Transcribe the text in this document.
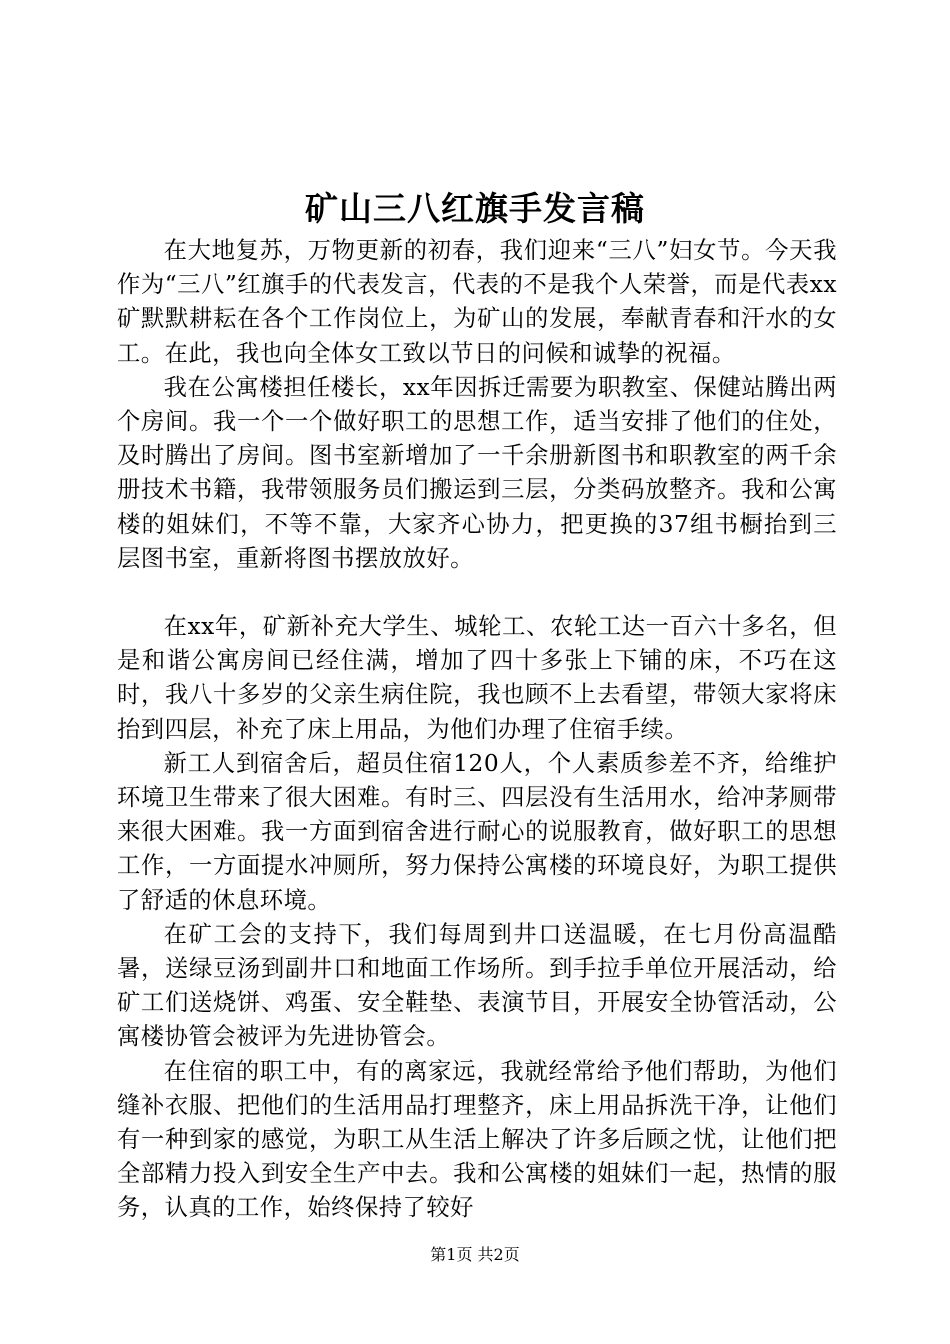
矿山三八红旗手发言稿

在大地复苏，万物更新的初春，我们迎来“三八”妇女节。今天我作为“三八”红旗手的代表发言，代表的不是我个人荣誉，而是代表xx矿默默耕耘在各个工作岗位上，为矿山的发展，奉献青春和汗水的女工。在此，我也向全体女工致以节日的问候和诚挚的祝福。

我在公寓楼担任楼长，xx年因拆迁需要为职教室、保健站腾出两个房间。我一个一个做好职工的思想工作，适当安排了他们的住处，及时腾出了房间。图书室新增加了一千余册新图书和职教室的两千余册技术书籍，我带领服务员们搬运到三层，分类码放整齐。我和公寓楼的姐妹们，不等不靠，大家齐心协力，把更换的37组书橱抬到三层图书室，重新将图书摆放放好。

在xx年，矿新补充大学生、城轮工、农轮工达一百六十多名，但是和谐公寓房间已经住满，增加了四十多张上下铺的床，不巧在这时，我八十多岁的父亲生病住院，我也顾不上去看望，带领大家将床抬到四层，补充了床上用品，为他们办理了住宿手续。

新工人到宿舍后，超员住宿120人，个人素质参差不齐，给维护环境卫生带来了很大困难。有时三、四层没有生活用水，给冲茅厕带来很大困难。我一方面到宿舍进行耐心的说服教育，做好职工的思想工作，一方面提水冲厕所，努力保持公寓楼的环境良好，为职工提供了舒适的休息环境。

在矿工会的支持下，我们每周到井口送温暖，在七月份高温酷暑，送绿豆汤到副井口和地面工作场所。到手拉手单位开展活动，给矿工们送烧饼、鸡蛋、安全鞋垫、表演节目，开展安全协管活动，公寓楼协管会被评为先进协管会。

在住宿的职工中，有的离家远，我就经常给予他们帮助，为他们缝补衣服、把他们的生活用品打理整齐，床上用品拆洗干净，让他们有一种到家的感觉，为职工从生活上解决了许多后顾之忧，让他们把全部精力投入到安全生产中去。我和公寓楼的姐妹们一起，热情的服务，认真的工作，始终保持了较好

第1页 共2页
